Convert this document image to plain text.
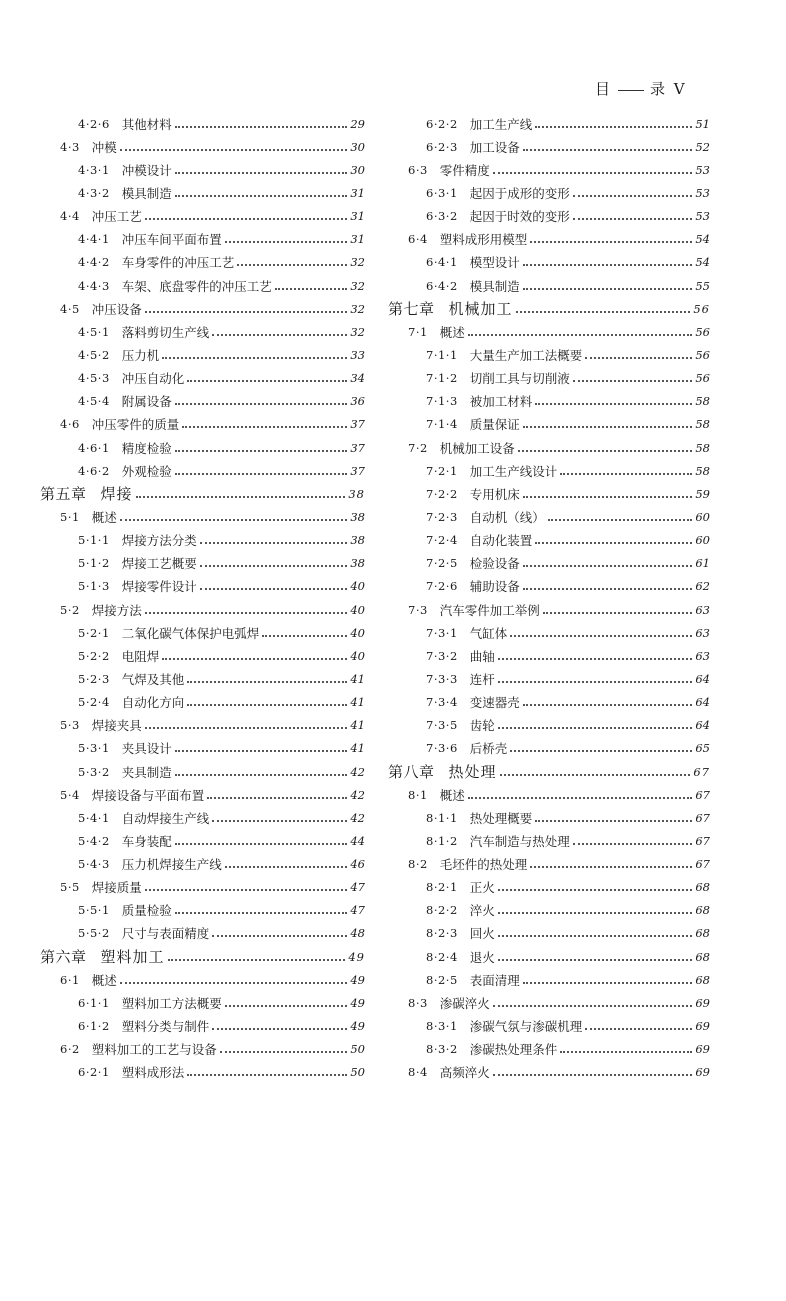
目	录 V
4·2·6 其他材料	29
4·3 冲模	30
4·3·1 冲模设计	30
4·3·2 模具制造	31
4·4 冲压工艺	31
4·4·1 冲压车间平面布置	31
4·4·2 车身零件的冲压工艺	32
4·4·3 车架、底盘零件的冲压工艺	32
4·5 冲压设备	32
4·5·1 落料剪切生产线	32
4·5·2 压力机	33
4·5·3 冲压自动化	34
4·5·4 附属设备	36
4·6 冲压零件的质量	37
4·6·1 精度检验	37
4·6·2 外观检验	37
第五章 焊接	38
5·1 概述	38
5·1·1 焊接方法分类	38
5·1·2 焊接工艺概要	38
5·1·3 焊接零件设计	40
5·2 焊接方法	40
5·2·1 二氧化碳气体保护电弧焊	40
5·2·2 电阻焊	40
5·2·3 气焊及其他	41
5·2·4 自动化方向	41
5·3 焊接夹具	41
5·3·1 夹具设计	41
5·3·2 夹具制造	42
5·4 焊接设备与平面布置	42
5·4·1 自动焊接生产线	42
5·4·2 车身装配	44
5·4·3 压力机焊接生产线	46
5·5 焊接质量	47
5·5·1 质量检验	47
5·5·2 尺寸与表面精度	48
第六章 塑料加工	49
6·1 概述	49
6·1·1 塑料加工方法概要	49
6·1·2 塑料分类与制件	49
6·2 塑料加工的工艺与设备	50
6·2·1 塑料成形法	50
6·2·2 加工生产线	51
6·2·3 加工设备	52
6·3 零件精度	53
6·3·1 起因于成形的变形	53
6·3·2 起因于时效的变形	53
6·4 塑料成形用模型	54
6·4·1 模型设计	54
6·4·2 模具制造	55
第七章 机械加工	56
7·1 概述	56
7·1·1 大量生产加工法概要	56
7·1·2 切削工具与切削液	56
7·1·3 被加工材料	58
7·1·4 质量保证	58
7·2 机械加工设备	58
7·2·1 加工生产线设计	58
7·2·2 专用机床	59
7·2·3 自动机（线）	60
7·2·4 自动化装置	60
7·2·5 检验设备	61
7·2·6 辅助设备	62
7·3 汽车零件加工举例	63
7·3·1 气缸体	63
7·3·2 曲轴	63
7·3·3 连杆	64
7·3·4 变速器壳	64
7·3·5 齿轮	64
7·3·6 后桥壳	65
第八章 热处理	67
8·1 概述	67
8·1·1 热处理概要	67
8·1·2 汽车制造与热处理	67
8·2 毛坯件的热处理	67
8·2·1 正火	68
8·2·2 淬火	68
8·2·3 回火	68
8·2·4 退火	68
8·2·5 表面清理	68
8·3 渗碳淬火	69
8·3·1 渗碳气氛与渗碳机理	69
8·3·2 渗碳热处理条件	69
8·4 高频淬火	69
